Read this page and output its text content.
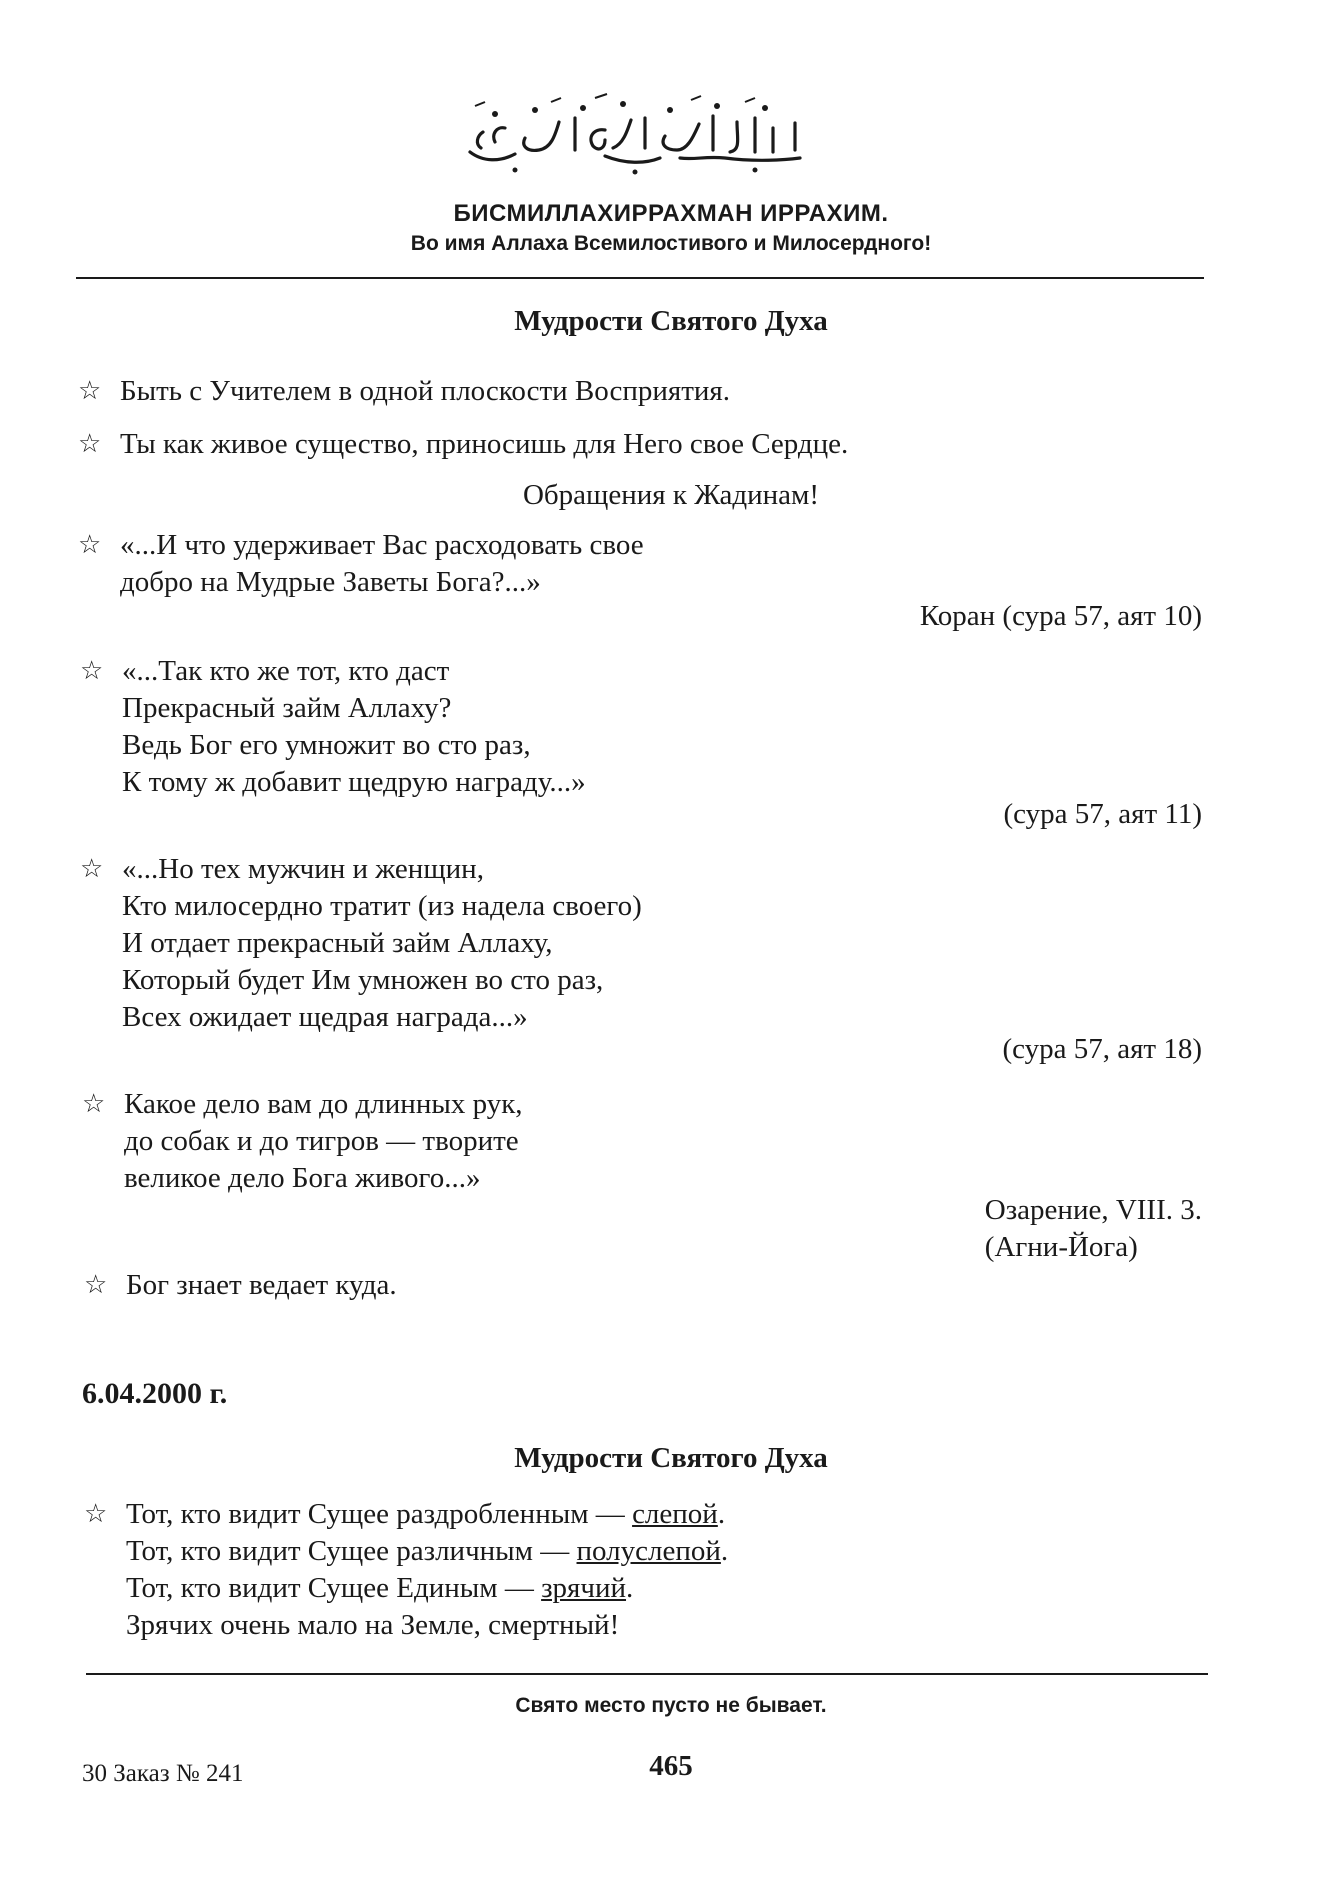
БИСМИЛЛАХИРРАХМАН ИРРАХИМ.
Во имя Аллаха Всемилостивого и Милосердного!
Мудрости Святого Духа
☆ Быть с Учителем в одной плоскости Восприятия.
☆ Ты как живое существо, приносишь для Него свое Сердце.
Обращения к Жадинам!
☆ «...И что удерживает Вас расходовать свое
добро на Мудрые Заветы Бога?...»
Коран (сура 57, аят 10)
☆ «...Так кто же тот, кто даст
Прекрасный займ Аллаху?
Ведь Бог его умножит во сто раз,
К тому ж добавит щедрую награду...»
(сура 57, аят 11)
☆ «...Но тех мужчин и женщин,
Кто милосердно тратит (из надела своего)
И отдает прекрасный займ Аллаху,
Который будет Им умножен во сто раз,
Всех ожидает щедрая награда...»
(сура 57, аят 18)
☆ Какое дело вам до длинных рук,
до собак и до тигров — творите
великое дело Бога живого...»
Озарение, VIII. 3.
(Агни-Йога)
☆ Бог знает ведает куда.
6.04.2000 г.
Мудрости Святого Духа
☆ Тот, кто видит Сущее раздробленным — слепой.
Тот, кто видит Сущее различным — полуслепой.
Тот, кто видит Сущее Единым — зрячий.
Зрячих очень мало на Земле, смертный!
Свято место пусто не бывает.
30 Заказ № 241	465
